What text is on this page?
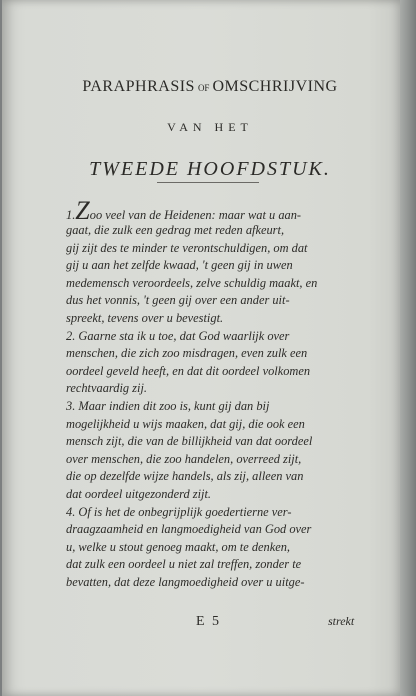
PARAPHRASIS OF OMSCHRIJVING
VAN HET
TWEEDE HOOFDSTUK.
1.Zoo veel van de Heidenen: maar wat u aan-
gaat, die zulk een gedrag met reden afkeurt,
gij zijt des te minder te verontschuldigen, om dat
gij u aan het zelfde kwaad, 't geen gij in uwen
medemensch veroordeels, zelve schuldig maakt, en
dus het vonnis, 't geen gij over een ander uit-
spreekt, tevens over u bevestigt.
2. Gaarne sta ik u toe, dat God waarlijk over
menschen, die zich zoo misdragen, even zulk een
oordeel geveld heeft, en dat dit oordeel volkomen
rechtvaardig zij.
3. Maar indien dit zoo is, kunt gij dan bij
mogelijkheid u wijs maaken, dat gij, die ook een
mensch zijt, die van de billijkheid van dat oordeel
over menschen, die zoo handelen, overreed zijt,
die op dezelfde wijze handels, als zij, alleen van
dat oordeel uitgezonderd zijt.
4. Of is het de onbegrijplijk goedertierne ver-
draagzaamheid en langmoedigheid van God over
u, welke u stout genoeg maakt, om te denken,
dat zulk een oordeel u niet zal treffen, zonder te
bevatten, dat deze langmoedigheid over u uitge-
E 5	strekt
